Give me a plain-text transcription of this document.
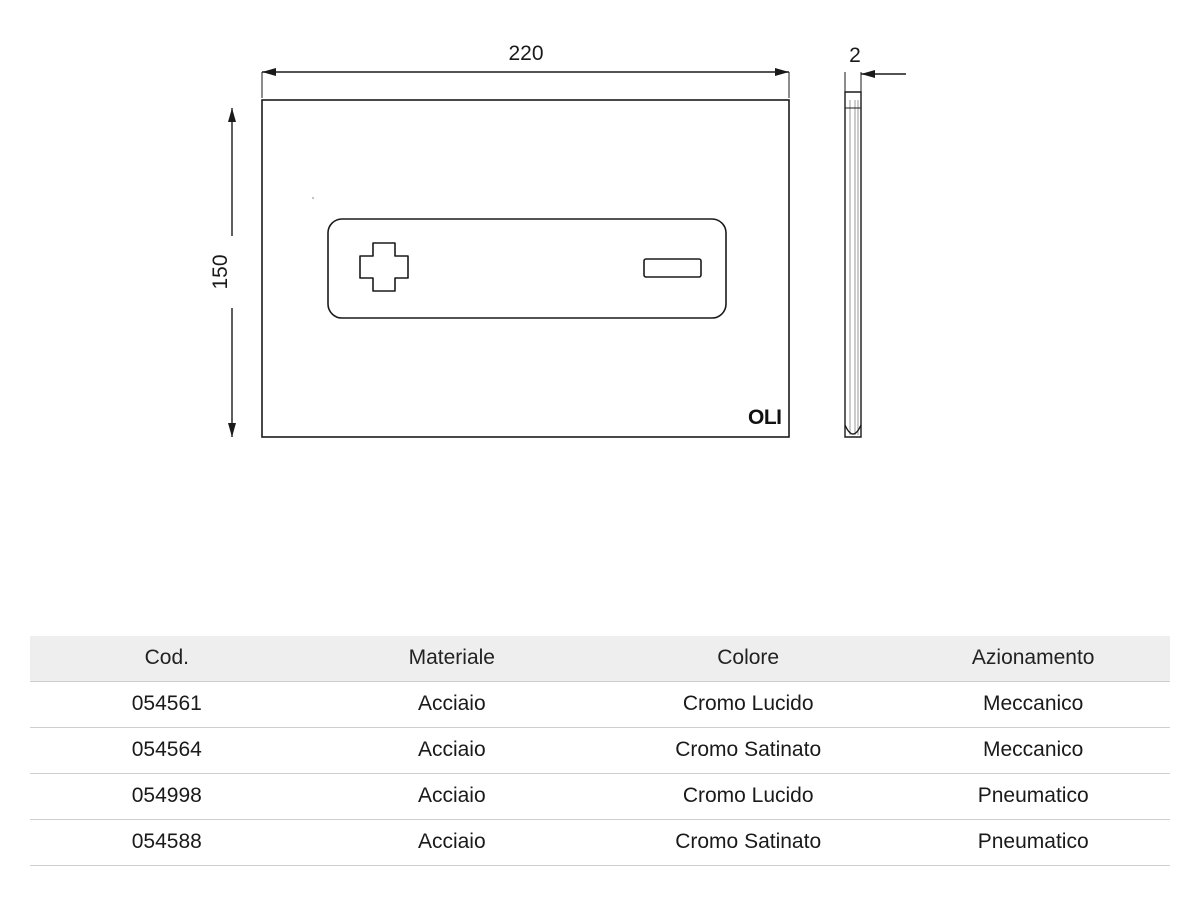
OLI
220
150
2
Cod.	Materiale	Colore	Azionamento
054561	Acciaio	Cromo Lucido	Meccanico
054564	Acciaio	Cromo Satinato	Meccanico
054998	Acciaio	Cromo Lucido	Pneumatico
054588	Acciaio	Cromo Satinato	Pneumatico
